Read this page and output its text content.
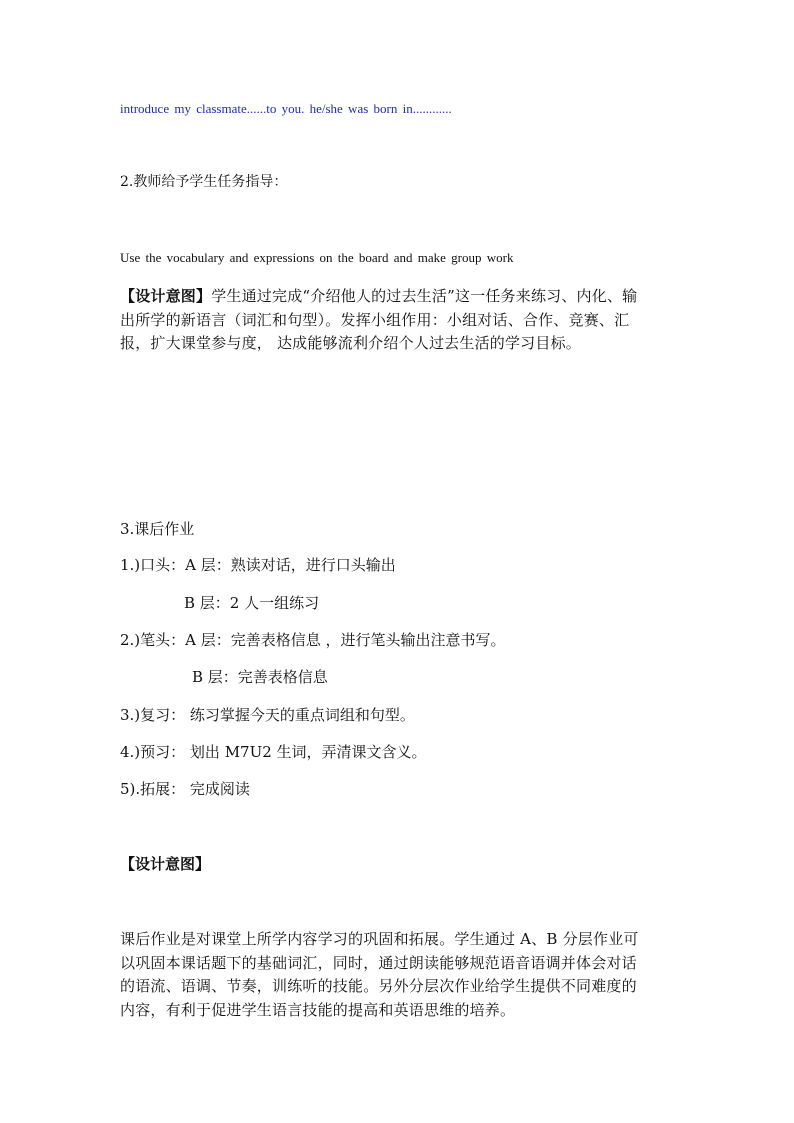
introduce my classmate......to you. he/she was born in............
2.教师给予学生任务指导：
Use the vocabulary and expressions on the board and make group work
【设计意图】学生通过完成“介绍他人的过去生活”这一任务来练习、内化、输
出所学的新语言（词汇和句型）。发挥小组作用：小组对话、合作、竞赛、汇
报，扩大课堂参与度， 达成能够流利介绍个人过去生活的学习目标。
3.课后作业
1.)口头：A 层：熟读对话，进行口头输出
B 层：2 人一组练习
2.)笔头：A 层：完善表格信息 ，进行笔头输出注意书写。
B 层：完善表格信息
3.)复习： 练习掌握今天的重点词组和句型。
4.)预习： 划出 M7U2 生词，弄清课文含义。
5).拓展： 完成阅读
【设计意图】
课后作业是对课堂上所学内容学习的巩固和拓展。学生通过 A、B 分层作业可
以巩固本课话题下的基础词汇，同时，通过朗读能够规范语音语调并体会对话
的语流、语调、节奏，训练听的技能。另外分层次作业给学生提供不同难度的
内容，有利于促进学生语言技能的提高和英语思维的培养。
